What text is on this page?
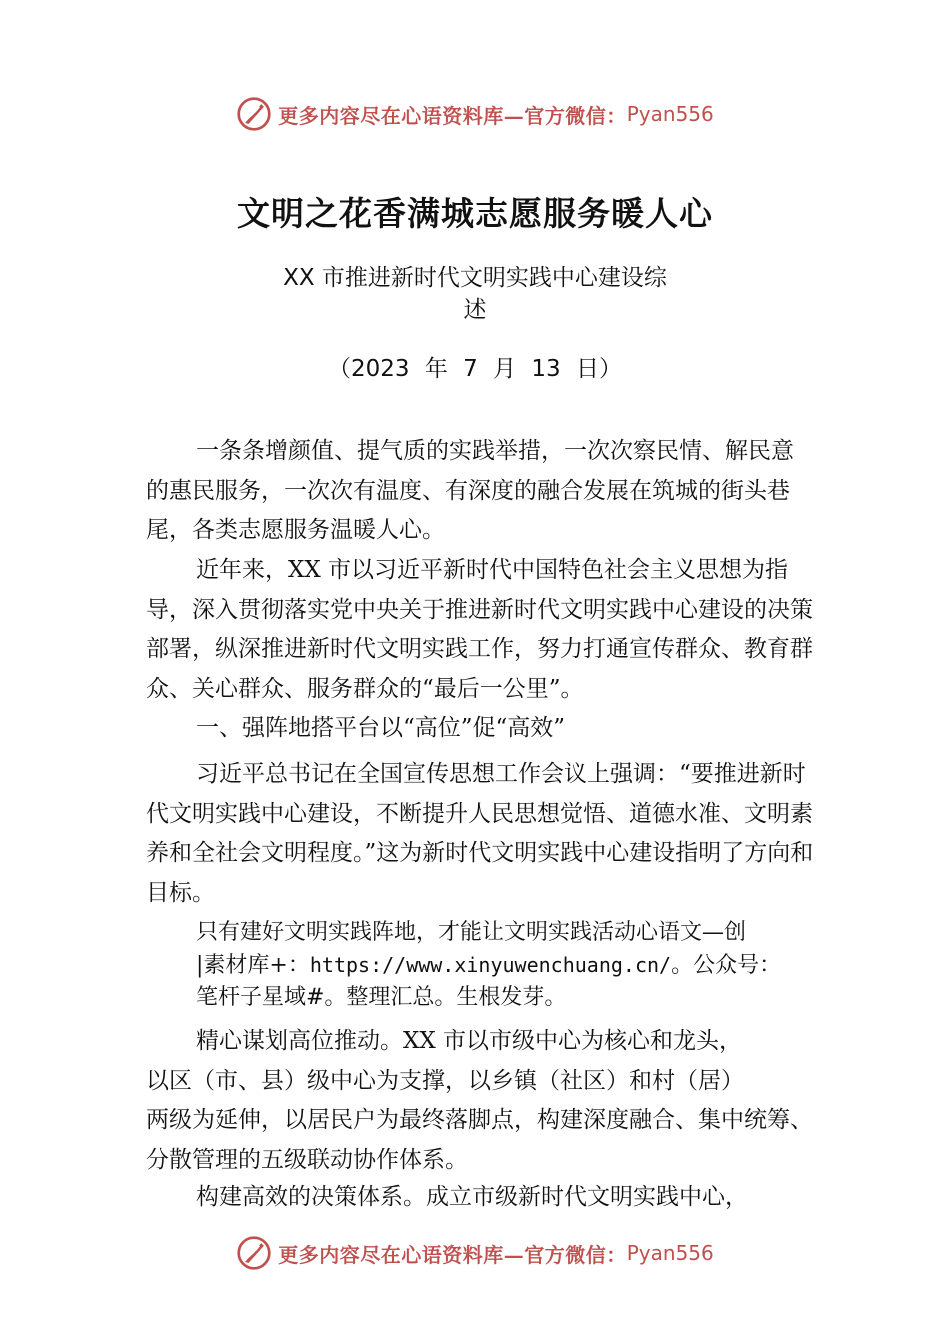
更多内容尽在心语资料库—官方微信： Pyan556
文明之花香满城志愿服务暖人心
XX 市推进新时代文明实践中心建设综
述
（2023 年 7 月 13 日）

一条条增颜值、提气质的实践举措，一次次察民情、解民意的惠民服务，一次次有温度、有深度的融合发展在筑城的街头巷尾，各类志愿服务温暖人心。

近年来，XX 市以习近平新时代中国特色社会主义思想为指导，深入贯彻落实党中央关于推进新时代文明实践中心建设的决策部署，纵深推进新时代文明实践工作，努力打通宣传群众、教育群众、关心群众、服务群众的“最后一公里”。

一、强阵地搭平台以“高位”促“高效”

习近平总书记在全国宣传思想工作会议上强调：“要推进新时代文明实践中心建设，不断提升人民思想觉悟、道德水准、文明素养和全社会文明程度。”这为新时代文明实践中心建设指明了方向和目标。

只有建好文明实践阵地，才能让文明实践活动心语文—创
|素材库+：https://www.xinyuwenchuang.cn/。公众号：
笔杆子星域#。整理汇总。生根发芽。
精心谋划高位推动。XX 市以市级中心为核心和龙头，
以区（市、县）级中心为支撑，以乡镇（社区）和村（居）
两级为延伸，以居民户为最终落脚点，构建深度融合、集中统筹、分散管理的五级联动协作体系。

构建高效的决策体系。成立市级新时代文明实践中心，

更多内容尽在心语资料库—官方微信： Pyan556
